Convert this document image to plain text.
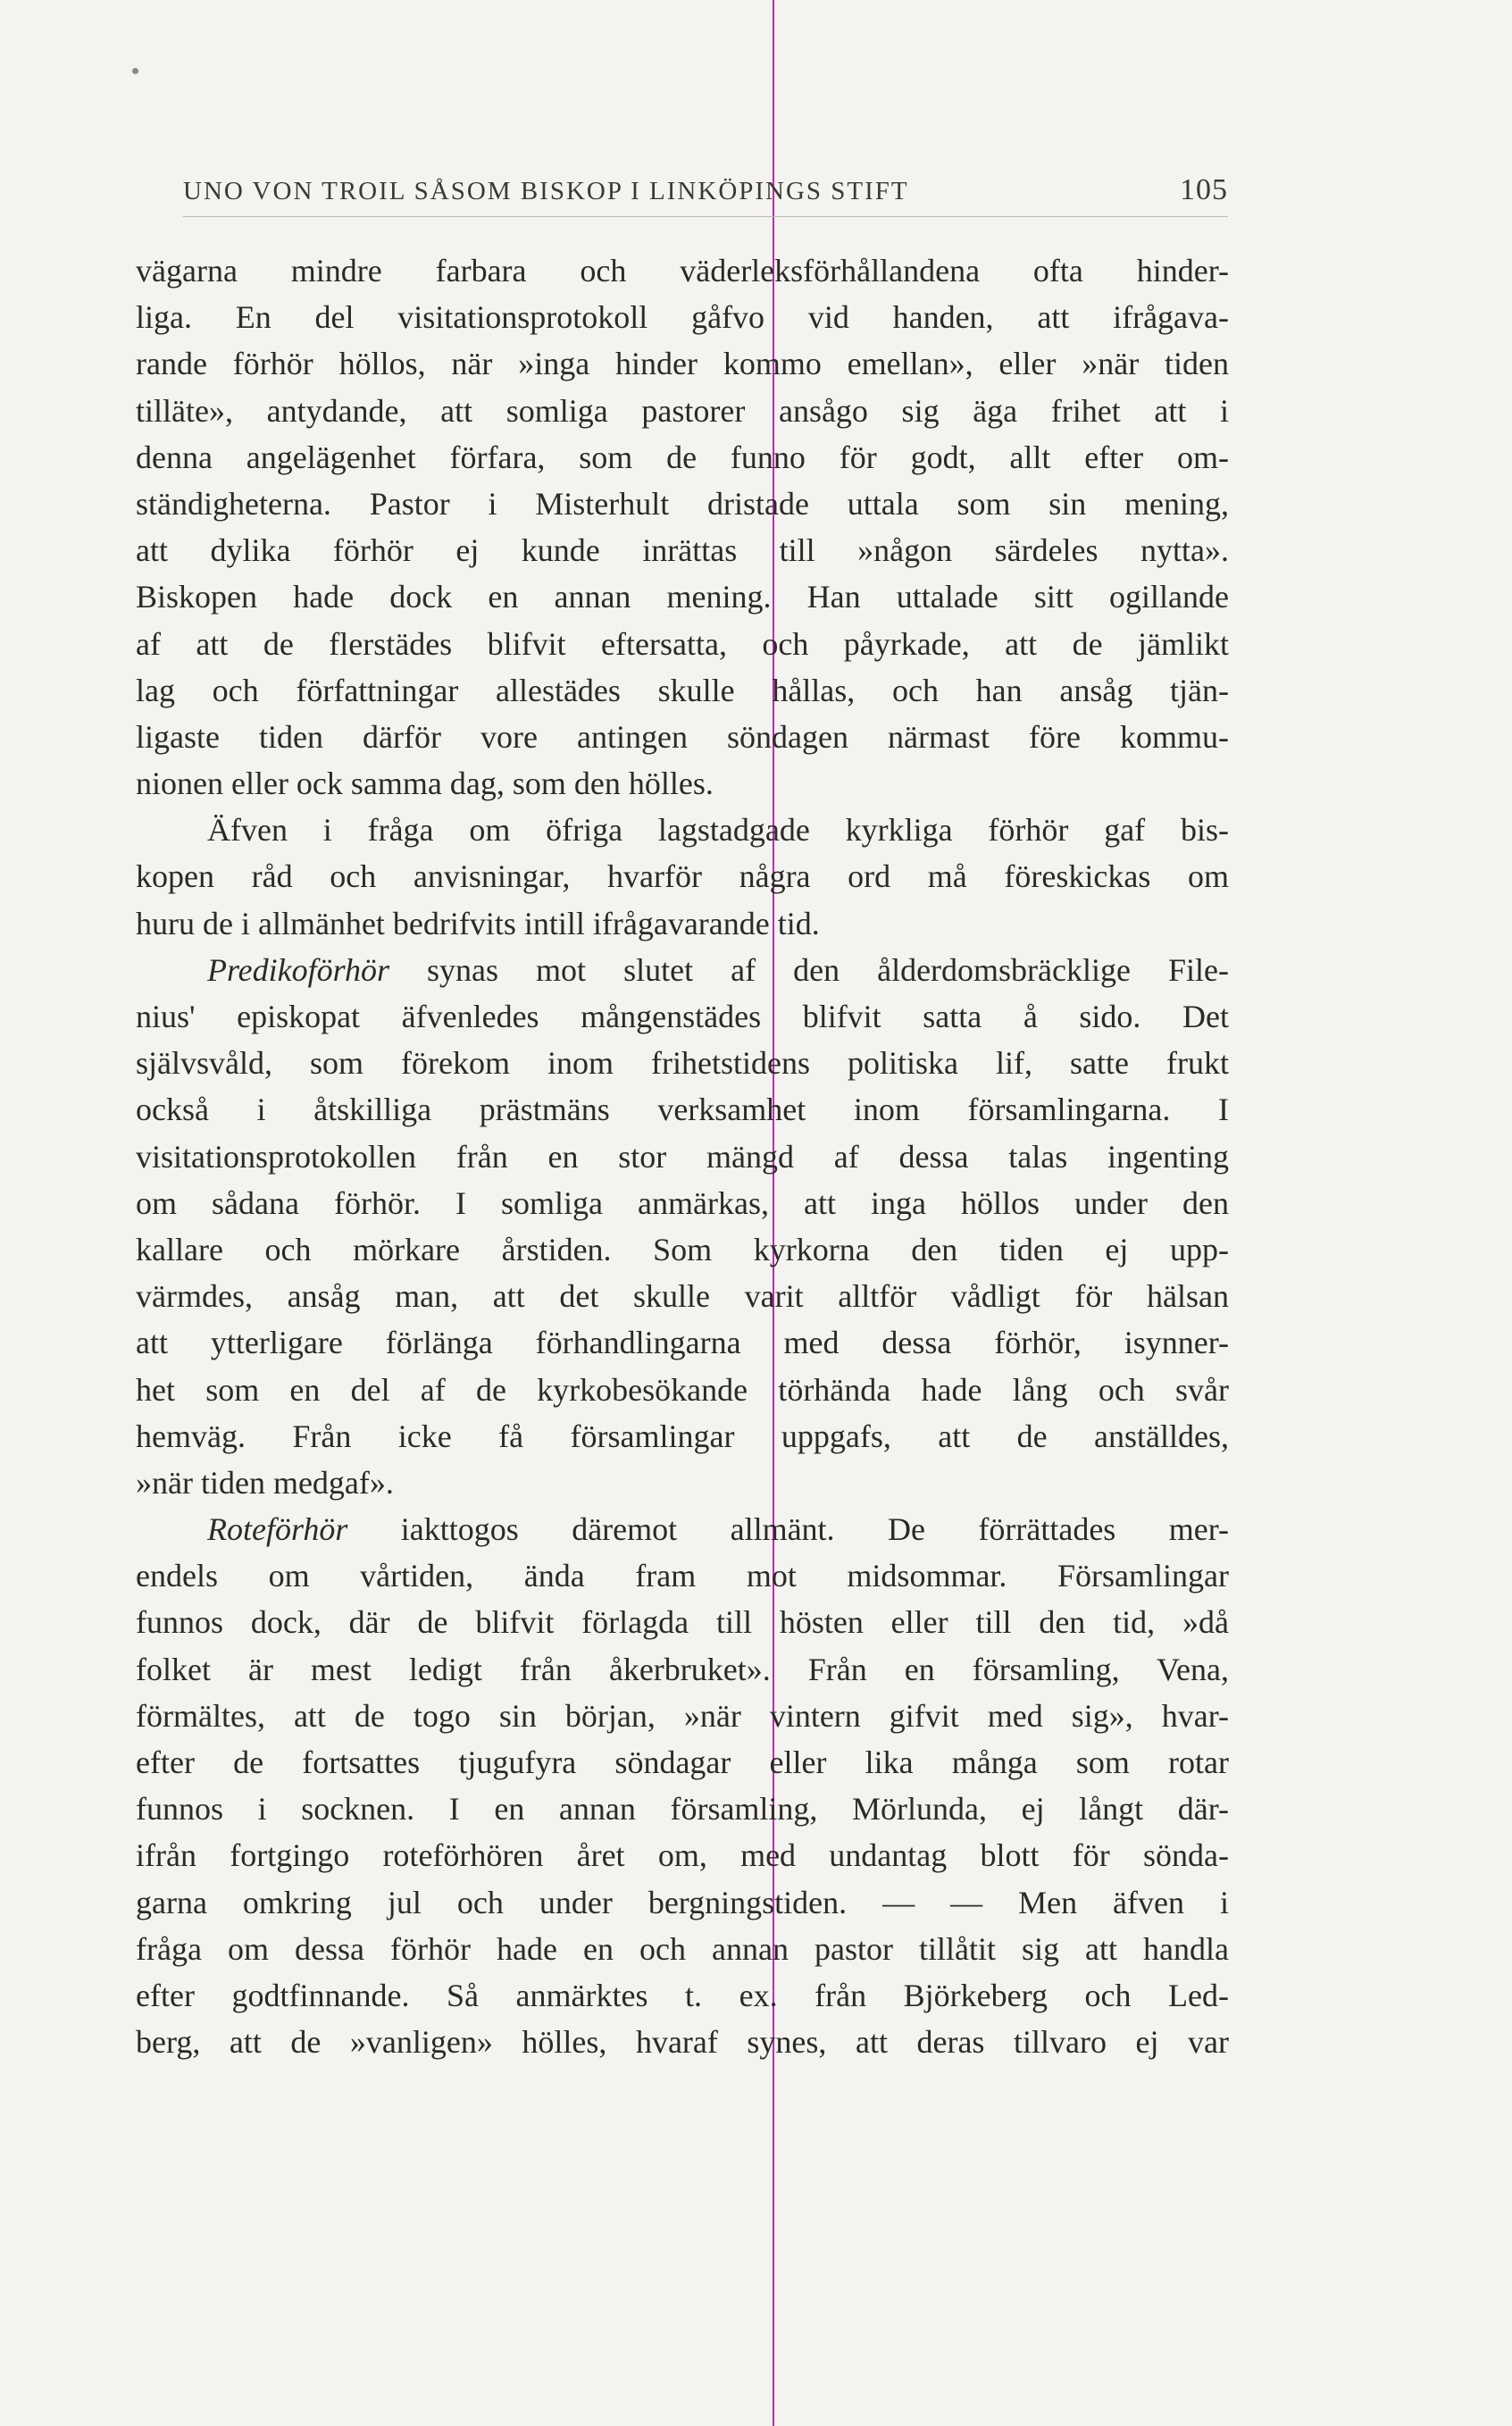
UNO VON TROIL SÅSOM BISKOP I LINKÖPINGS STIFT	105
vägarna mindre farbara och väderleksförhållandena ofta hinder-
liga. En del visitationsprotokoll gåfvo vid handen, att ifrågava-
rande förhör höllos, när »inga hinder kommo emellan», eller »när tiden
tilläte», antydande, att somliga pastorer ansågo sig äga frihet att i
denna angelägenhet förfara, som de funno för godt, allt efter om-
ständigheterna. Pastor i Misterhult dristade uttala som sin mening,
att dylika förhör ej kunde inrättas till »någon särdeles nytta».
Biskopen hade dock en annan mening. Han uttalade sitt ogillande
af att de flerstädes blifvit eftersatta, och påyrkade, att de jämlikt
lag och författningar allestädes skulle hållas, och han ansåg tjän-
ligaste tiden därför vore antingen söndagen närmast före kommu-
nionen eller ock samma dag, som den hölles.
Äfven i fråga om öfriga lagstadgade kyrkliga förhör gaf bis-
kopen råd och anvisningar, hvarför några ord må föreskickas om
huru de i allmänhet bedrifvits intill ifrågavarande tid.
Predikoförhör synas mot slutet af den ålderdomsbräcklige File-
nius' episkopat äfvenledes mångenstädes blifvit satta å sido. Det
självsvåld, som förekom inom frihetstidens politiska lif, satte frukt
också i åtskilliga prästmäns verksamhet inom församlingarna. I
visitationsprotokollen från en stor mängd af dessa talas ingenting
om sådana förhör. I somliga anmärkas, att inga höllos under den
kallare och mörkare årstiden. Som kyrkorna den tiden ej upp-
värmdes, ansåg man, att det skulle varit alltför vådligt för hälsan
att ytterligare förlänga förhandlingarna med dessa förhör, isynner-
het som en del af de kyrkobesökande törhända hade lång och svår
hemväg. Från icke få församlingar uppgafs, att de anställdes,
»när tiden medgaf».
Roteförhör iakttogos däremot allmänt. De förrättades mer-
endels om vårtiden, ända fram mot midsommar. Församlingar
funnos dock, där de blifvit förlagda till hösten eller till den tid, »då
folket är mest ledigt från åkerbruket». Från en församling, Vena,
förmältes, att de togo sin början, »när vintern gifvit med sig», hvar-
efter de fortsattes tjugufyra söndagar eller lika många som rotar
funnos i socknen. I en annan församling, Mörlunda, ej långt där-
ifrån fortgingo roteförhören året om, med undantag blott för sönda-
garna omkring jul och under bergningstiden. — — Men äfven i
fråga om dessa förhör hade en och annan pastor tillåtit sig att handla
efter godtfinnande. Så anmärktes t. ex. från Björkeberg och Led-
berg, att de »vanligen» hölles, hvaraf synes, att deras tillvaro ej var
